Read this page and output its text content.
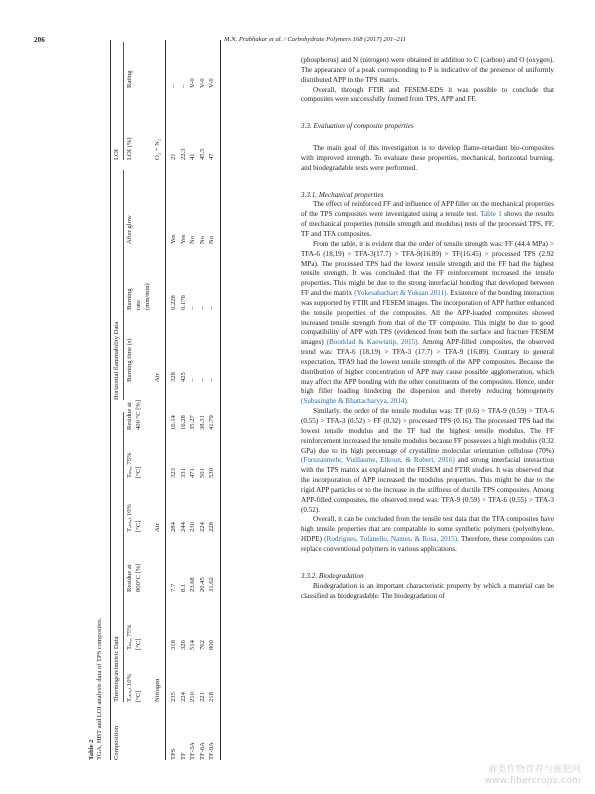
206	M.N. Prabhakar et al. / Carbohydrate Polymers 168 (2017) 201–211
Table 2 TGA, HBT and LOI analysis data of TPS composites. Composition
Thermogravimetric Data
Horizontal flammability Data
LOI
Tₒₙₛₑₜ 10%
Tₘₐₓ 75%
Residue at
Tₒₙₛₑₜ 10%
Tₘₐₓ 75%
Residue at
Burning time (s)
Burning
After glow
LOI (%)
Rating
[°C]
[°C]
800°C [%]
[°C]
[°C]
400 °C [%]
rate (mm/min)
Nitrogen
Air
Air
O₂ + N₂
TPS
235
318
7.7
284
323
16.14
328
0.228
Yes
21
–
TF
224
326
8.1
244
331
16.28
425
0.176
Yes
22.3
–
TF-3A
210
514
23.68
230
471
35.27
–
–
No
41
V-0
TF-6A
221
762
20.45
224
501
38.31
–
–
No
45.5
V-0
TF-9A
218
800
31.62
228
530
41.79
–
–
No
47
V-0

(phosphorus) and N (nitrogen) were obtained in addition to C (carbon) and O (oxygen). The appearance of a peak corresponding to P is indicative of the presence of uniformly distributed APP in the TPS matrix.

Overall, through FTIR and FESEM-EDS it was possible to conclude that composites were successfully formed from TPS, APP and FF.

3.3. Evaluation of composite properties

The main goal of this investigation is to develop flame-retardant bio-composites with improved strength. To evaluate these properties, mechanical, horizontal burning, and biodegradable tests were performed.

3.3.1. Mechanical properties

The effect of reinforced FF and influence of APP filler on the mechanical properties of the TPS composites were investigated using a tensile test. Table 1 shows the results of mechanical properties (tensile strength and modulus) tests of the processed TPS, FF, TF and TFA composites.

From the table, it is evident that the order of tensile strength was: FF (44.4 MPa) > TFA-6 (18,19) > TFA-3(17.7) > TFA-9(16.89) > TF(16.45) > processed TPS (2.92 MPa). The processed TPS had the lowest tensile strength and the FF had the highest tensile strength. It was concluded that the FF reinforcement increased the tensile properties. This might be due to the strong interfacial bonding that developed between FF and the matrix (Yokesahachart & Yoksan 2011). Existence of the bonding interaction was supported by FTIR and FESEM images. The incorporation of APP further enhanced the tensile properties of the composites. All the APP-loaded composites showed increased tensile strength from that of the TF composite. This might be due to good compatibility of APP with TPS (evidenced from both the surface and fracture FESEM images) (Bootklad & Kaewtatip, 2015). Among APP-filled composites, the observed trend was: TFA-6 (18,19) > TFA-3 (17.7) > TFA-9 (16.89). Contrary to general expectation, TFA9 had the lowest tensile strength of the APP composites. Because the distribution of higher concentration of APP may cause possible agglomeration, which may affect the APP bonding with the other constituents of the composites. Hence, under high filler loading hindering the dispersion and thereby reducing homogeneity (Subasinghe & Bhattacharyya, 2014).

Similarly, the order of the tensile modulus was: TF (0.6) > TFA-9 (0.59) > TFA-6 (0.55) > TFA-3 (0.52) > FF (0.32) > processed TPS (0.16). The processed TPS had the lowest tensile modulus and the TF had the highest tensile modulus. The FF reinforcement increased the tensile modulus because FF possesses a high modulus (0.32 GPa) due to its high percentage of crystalline molecular orientation cellulose (70%) (Foruzanmehr, Vuillaume, Elkoun, & Robert, 2016) and strong interfacial interaction with the TPS matrix as explained in the FESEM and FTIR studies. It was observed that the incorporation of APP increased the modulus properties. This might be due to the rigid APP particles or to the increase in the stiffness of ductile TPS composites. Among APP-filled composites, the observed trend was: TFA-9 (0.59) > TFA-6 (0.55) > TFA-3 (0.52).

Overall, it can be concluded from the tensile test data that the TFA composites have high tensile properties that are comparable to some synthetic polymers (polyethylene, HDPE) (Rodrigues, Tofanello, Nantes, & Rosa, 2015). Therefore, these composites can replace conventional polymers in various applications.

3.3.2. Biodegradation

Biodegradation is an important characteristic property by which a material can be classified as biodegradable. The biodegradation of

麻类作物营养与施肥网
www.fibercrops.com
